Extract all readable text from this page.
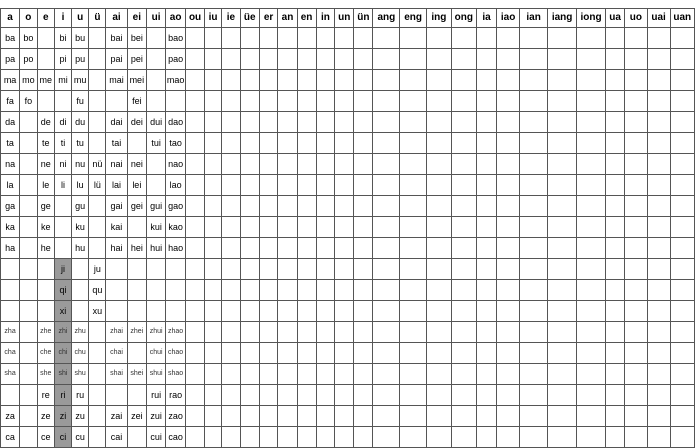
a	o	e	i	u	ü	ai	ei	ui	ao	ou	iu	ie	üe	er	an	en	in	un	ün	ang	eng	ing	ong	ia	iao	ian	iang	iong	ua	uo	uai	uan
ba	bo		bi	bu		bai	bei		bao																							
pa	po		pi	pu		pai	pei		pao																							
ma	mo	me	mi	mu		mai	mei		mao																							
fa	fo			fu			fei																									
da		de	di	du		dai	dei	dui	dao																							
ta		te	ti	tu		tai		tui	tao																							
na		ne	ni	nu	nü	nai	nei		nao																							
la		le	li	lu	lü	lai	lei		lao																							
ga		ge		gu		gai	gei	gui	gao																							
ka		ke		ku		kai		kui	kao																							
ha		he		hu		hai	hei	hui	hao																							
			ji		ju																											
			qi		qu																											
			xi		xu																											
zha		zhe	zhi	zhu		zhai	zhei	zhui	zhao																							
cha		che	chi	chu		chai		chui	chao																							
sha		she	shi	shu		shai	shei	shui	shao																							
		re	ri	ru				rui	rao																							
za		ze	zi	zu		zai	zei	zui	zao																							
ca		ce	ci	cu		cai		cui	cao																							
